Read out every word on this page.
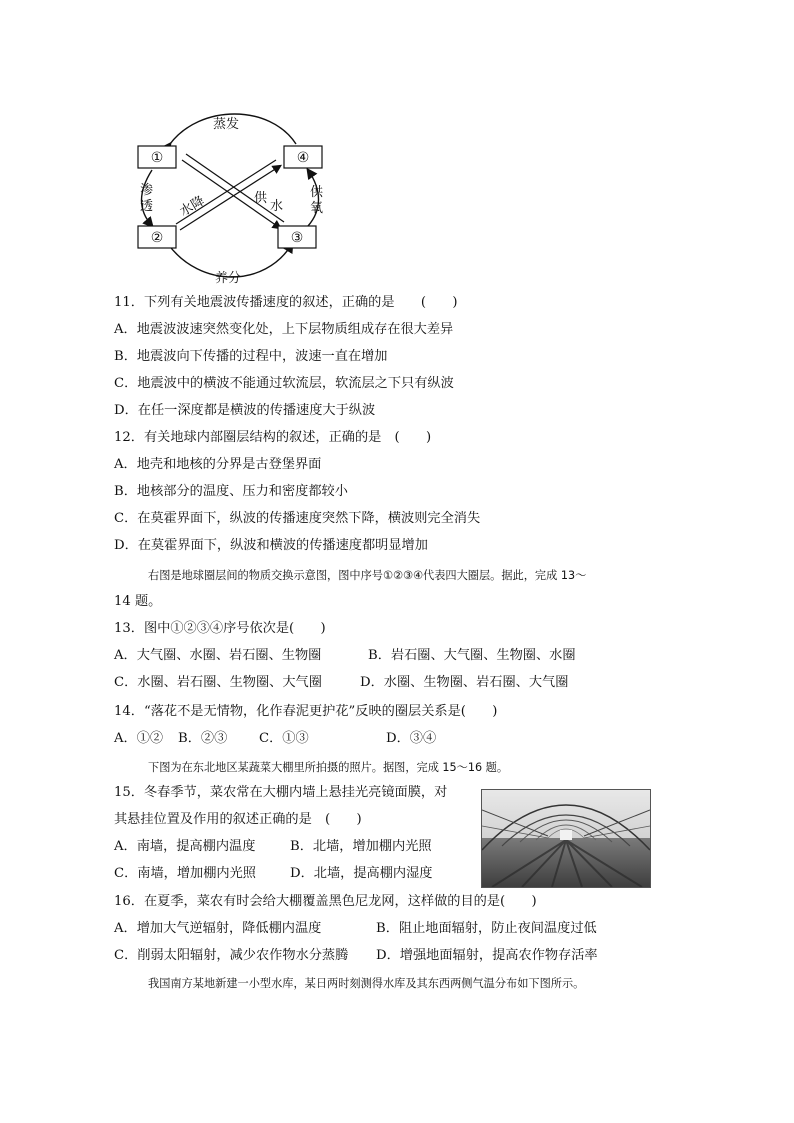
①	④
②	③
蒸发
养分
渗
透
供
氧
水降	供
水
11．下列有关地震波传播速度的叙述，正确的是　　(　　)
A．地震波波速突然变化处，上下层物质组成存在很大差异
B．地震波向下传播的过程中，波速一直在增加
C．地震波中的横波不能通过软流层，软流层之下只有纵波
D．在任一深度都是横波的传播速度大于纵波
12．有关地球内部圈层结构的叙述，正确的是　(　　)
A．地壳和地核的分界是古登堡界面
B．地核部分的温度、压力和密度都较小
C．在莫霍界面下，纵波的传播速度突然下降，横波则完全消失
D．在莫霍界面下，纵波和横波的传播速度都明显增加
右图是地球圈层间的物质交换示意图，图中序号①②③④代表四大圈层。据此，完成 13～
14 题。
13．图中①②③④序号依次是(　　)
A．大气圈、水圈、岩石圈、生物圈	B．岩石圈、大气圈、生物圈、水圈
C．水圈、岩石圈、生物圈、大气圈	D．水圈、生物圈、岩石圈、大气圈
14．“落花不是无情物，化作春泥更护花”反映的圈层关系是(　　)
A．①② B．②③ C．①③	D．③④
下图为在东北地区某蔬菜大棚里所拍摄的照片。据图，完成 15～16 题。
15．冬春季节，菜农常在大棚内墙上悬挂光亮镜面膜，对
其悬挂位置及作用的叙述正确的是　(　　)
A．南墙，提高棚内温度	B．北墙，增加棚内光照
C．南墙，增加棚内光照	D．北墙，提高棚内湿度
16．在夏季，菜农有时会给大棚覆盖黑色尼龙网，这样做的目的是(　　)
A．增加大气逆辐射，降低棚内温度	B．阻止地面辐射，防止夜间温度过低
C．削弱太阳辐射，减少农作物水分蒸腾 D．增强地面辐射，提高农作物存活率
我国南方某地新建一小型水库，某日两时刻测得水库及其东西两侧气温分布如下图所示。
